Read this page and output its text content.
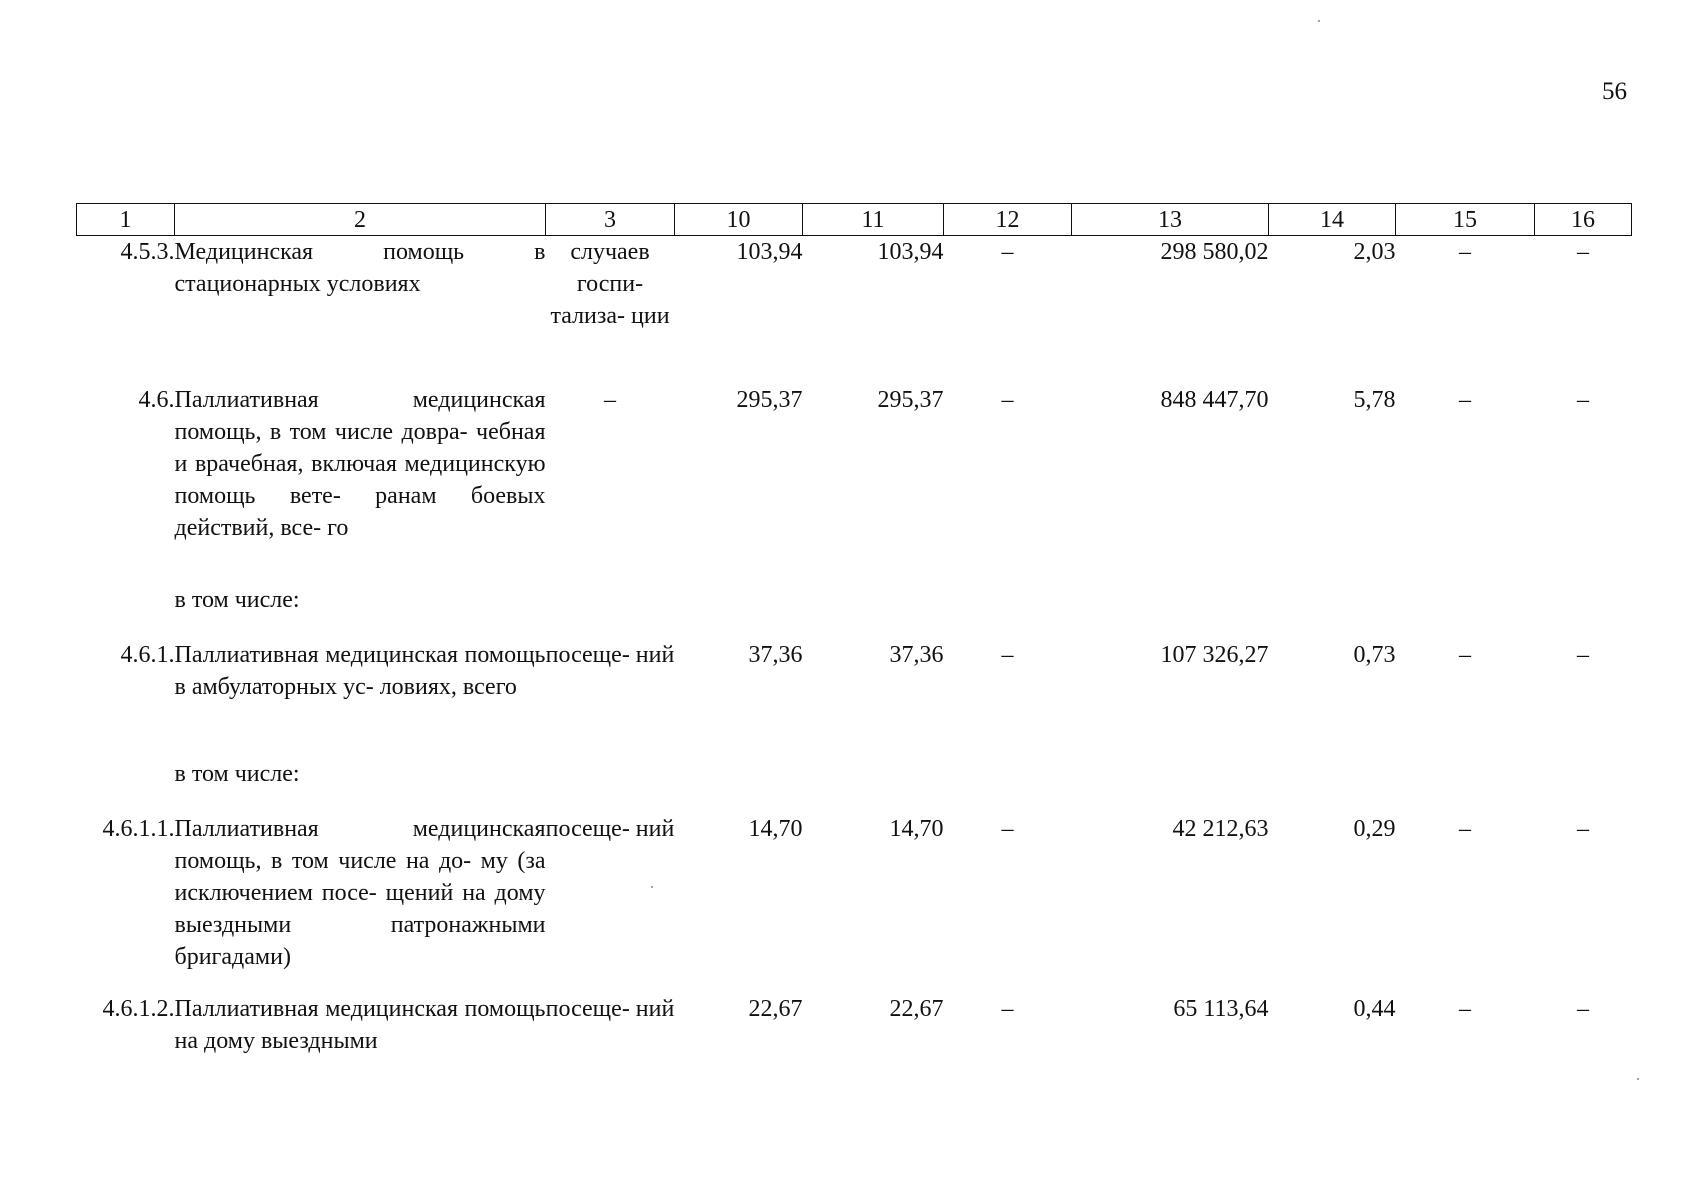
56
1	2	3	10	11	12	13	14	15	16
4.5.3.	Медицинская помощь в стационарных условиях	случаев госпи- тализа- ции	103,94	103,94	–	298 580,02	2,03	–	–
4.6.	Паллиативная медицинская помощь, в том числе довра- чебная и врачебная, включая медицинскую помощь вете- ранам боевых действий, все- го	–	295,37	295,37	–	848 447,70	5,78	–	–
	в том числе:								
4.6.1.	Паллиативная медицинская помощь в амбулаторных ус- ловиях, всего	посеще- ний	37,36	37,36	–	107 326,27	0,73	–	–
	в том числе:								
4.6.1.1.	Паллиативная медицинская помощь, в том числе на до- му (за исключением посе- щений на дому выездными патронажными бригадами)	посеще- ний	14,70	14,70	–	42 212,63	0,29	–	–
4.6.1.2.	Паллиативная медицинская помощь на дому выездными	посеще- ний	22,67	22,67	–	65 113,64	0,44	–	–
